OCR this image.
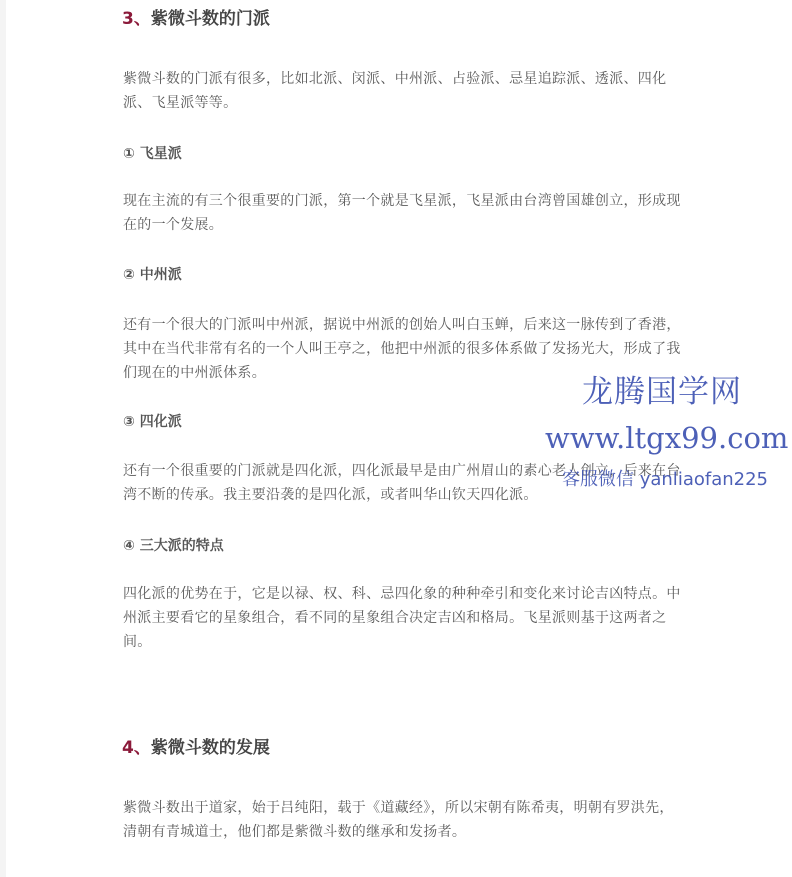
3、紫微斗数的门派
紫微斗数的门派有很多，比如北派、闵派、中州派、占验派、忌星追踪派、透派、四化派、飞星派等等。
① 飞星派
现在主流的有三个很重要的门派，第一个就是飞星派，飞星派由台湾曾国雄创立，形成现在的一个发展。
② 中州派
还有一个很大的门派叫中州派，据说中州派的创始人叫白玉蝉，后来这一脉传到了香港，其中在当代非常有名的一个人叫王亭之，他把中州派的很多体系做了发扬光大，形成了我们现在的中州派体系。
③ 四化派
还有一个很重要的门派就是四化派，四化派最早是由广州眉山的素心老人创立，后来在台湾不断的传承。我主要沿袭的是四化派，或者叫华山钦天四化派。
④ 三大派的特点
四化派的优势在于，它是以禄、权、科、忌四化象的种种牵引和变化来讨论吉凶特点。中州派主要看它的星象组合，看不同的星象组合决定吉凶和格局。飞星派则基于这两者之间。
4、紫微斗数的发展
紫微斗数出于道家，始于吕纯阳，载于《道藏经》，所以宋朝有陈希夷，明朝有罗洪先，清朝有青城道士，他们都是紫微斗数的继承和发扬者。
龙腾国学网
www.ltgx99.com
客服微信 yanliaofan225
